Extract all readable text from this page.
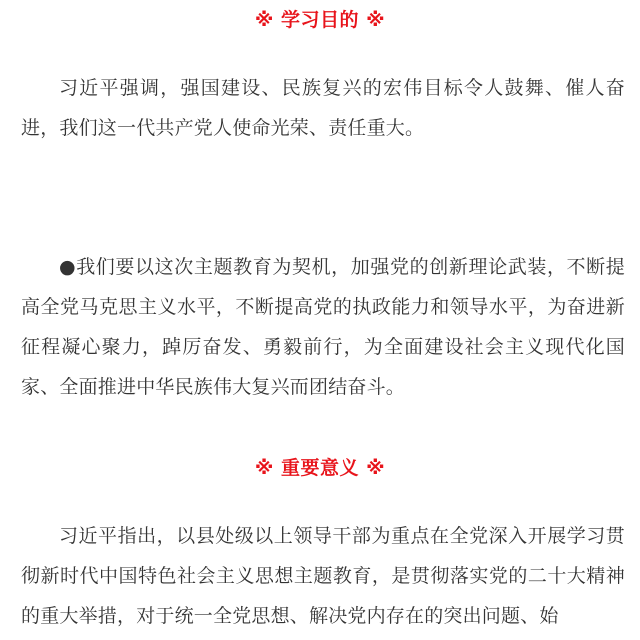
※ 学习目的 ※

习近平强调，强国建设、民族复兴的宏伟目标令人鼓舞、催人奋进，我们这一代共产党人使命光荣、责任重大。

●我们要以这次主题教育为契机，加强党的创新理论武装，不断提高全党马克思主义水平，不断提高党的执政能力和领导水平，为奋进新征程凝心聚力，踔厉奋发、勇毅前行，为全面建设社会主义现代化国家、全面推进中华民族伟大复兴而团结奋斗。

※ 重要意义 ※

习近平指出，以县处级以上领导干部为重点在全党深入开展学习贯彻新时代中国特色社会主义思想主题教育，是贯彻落实党的二十大精神的重大举措，对于统一全党思想、解决党内存在的突出问题、始
